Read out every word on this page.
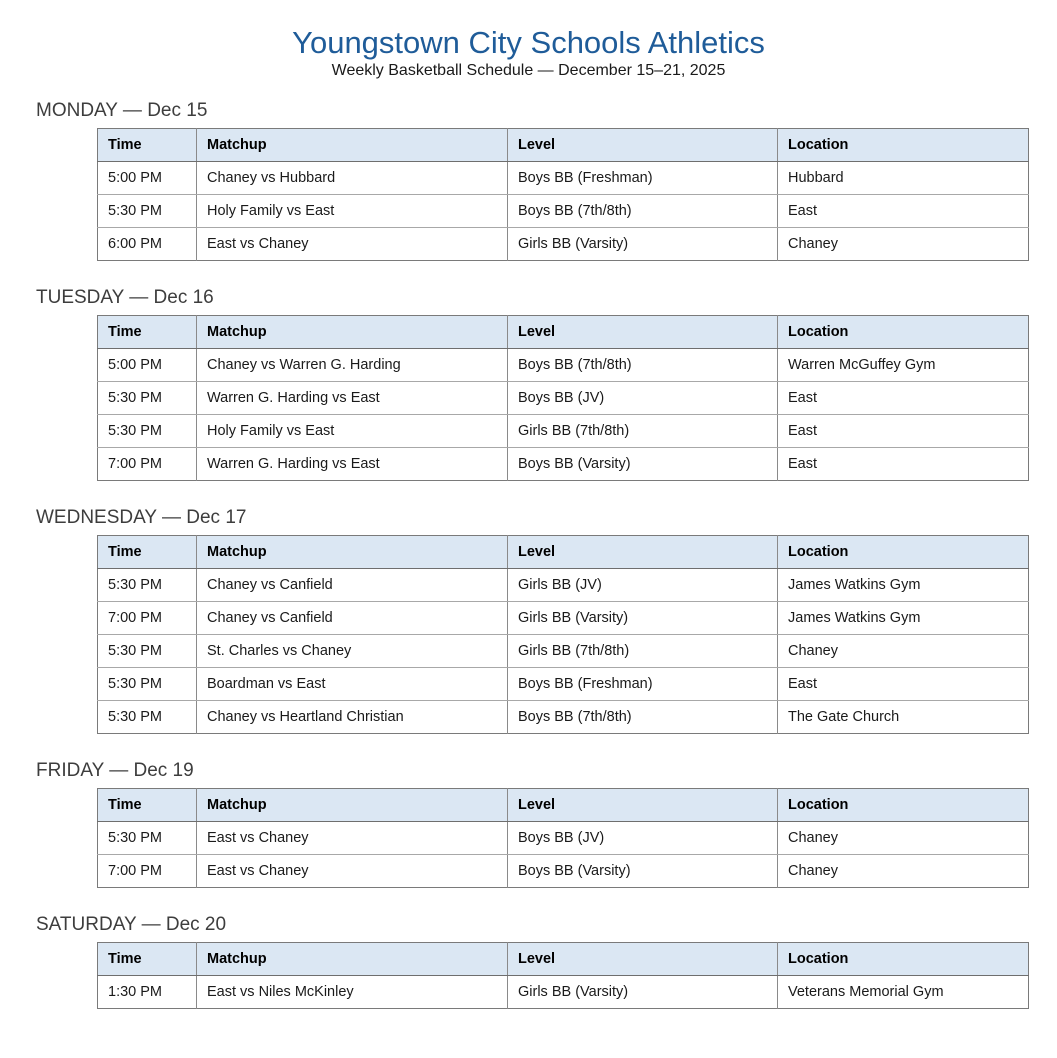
Youngstown City Schools Athletics
Weekly Basketball Schedule — December 15–21, 2025
MONDAY — Dec 15
Time	Matchup	Level	Location
5:00 PM	Chaney vs Hubbard	Boys BB (Freshman)	Hubbard
5:30 PM	Holy Family vs East	Boys BB (7th/8th)	East
6:00 PM	East vs Chaney	Girls BB (Varsity)	Chaney
TUESDAY — Dec 16
Time	Matchup	Level	Location
5:00 PM	Chaney vs Warren G. Harding	Boys BB (7th/8th)	Warren McGuffey Gym
5:30 PM	Warren G. Harding vs East	Boys BB (JV)	East
5:30 PM	Holy Family vs East	Girls BB (7th/8th)	East
7:00 PM	Warren G. Harding vs East	Boys BB (Varsity)	East
WEDNESDAY — Dec 17
Time	Matchup	Level	Location
5:30 PM	Chaney vs Canfield	Girls BB (JV)	James Watkins Gym
7:00 PM	Chaney vs Canfield	Girls BB (Varsity)	James Watkins Gym
5:30 PM	St. Charles vs Chaney	Girls BB (7th/8th)	Chaney
5:30 PM	Boardman vs East	Boys BB (Freshman)	East
5:30 PM	Chaney vs Heartland Christian	Boys BB (7th/8th)	The Gate Church
FRIDAY — Dec 19
Time	Matchup	Level	Location
5:30 PM	East vs Chaney	Boys BB (JV)	Chaney
7:00 PM	East vs Chaney	Boys BB (Varsity)	Chaney
SATURDAY — Dec 20
Time	Matchup	Level	Location
1:30 PM	East vs Niles McKinley	Girls BB (Varsity)	Veterans Memorial Gym
